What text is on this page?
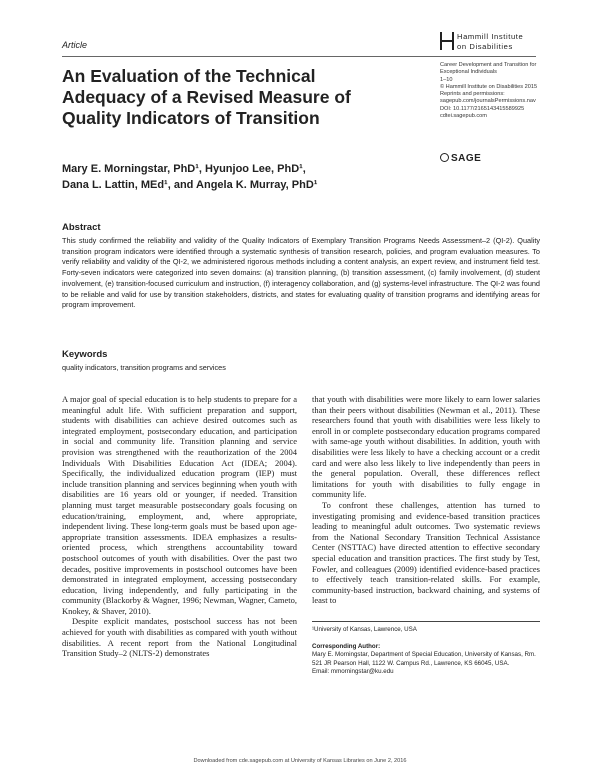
Article
Hammill Institute
on Disabilities
An Evaluation of the Technical Adequacy of a Revised Measure of Quality Indicators of Transition
Career Development and Transition for
Exceptional Individuals
1–10
© Hammill Institute on Disabilities 2015
Reprints and permissions:
sagepub.com/journalsPermissions.nav
DOI: 10.1177/2165143415589925
cdtei.sagepub.com
SAGE
Mary E. Morningstar, PhD¹, Hyunjoo Lee, PhD¹,
Dana L. Lattin, MEd¹, and Angela K. Murray, PhD¹
Abstract
This study confirmed the reliability and validity of the Quality Indicators of Exemplary Transition Programs Needs Assessment–2 (QI-2). Quality transition program indicators were identified through a systematic synthesis of transition research, policies, and program evaluation measures. To verify reliability and validity of the QI-2, we administered rigorous methods including a content analysis, an expert review, and instrument field test. Forty-seven indicators were categorized into seven domains: (a) transition planning, (b) transition assessment, (c) family involvement, (d) student involvement, (e) transition-focused curriculum and instruction, (f) interagency collaboration, and (g) systems-level infrastructure. The QI-2 was found to be reliable and valid for use by transition stakeholders, districts, and states for evaluating quality of transition programs and identifying areas for program improvement.
Keywords
quality indicators, transition programs and services

A major goal of special education is to help students to prepare for a meaningful adult life. With sufficient preparation and support, students with disabilities can achieve desired outcomes such as integrated employment, postsecondary education, and participation in social and community life. Transition planning and service provision was strengthened with the reauthorization of the 2004 Individuals With Disabilities Education Act (IDEA; 2004). Specifically, the individualized education program (IEP) must include transition planning and services beginning when youth with disabilities are 16 years old or younger, if needed. Transition planning must target measurable postsecondary goals focusing on education/training, employment, and, where appropriate, independent living. These long-term goals must be based upon age-appropriate transition assessments. IDEA emphasizes a results-oriented process, which strengthens accountability toward postschool outcomes of youth with disabilities. Over the past two decades, positive improvements in postschool outcomes have been demonstrated in integrated employment, accessing postsecondary education, living independently, and fully participating in the community (Blackorby & Wagner, 1996; Newman, Wagner, Cameto, Knokey, & Shaver, 2010).

Despite explicit mandates, postschool success has not been achieved for youth with disabilities as compared with youth without disabilities. A recent report from the National Longitudinal Transition Study–2 (NLTS-2) demonstrates

that youth with disabilities were more likely to earn lower salaries than their peers without disabilities (Newman et al., 2011). These researchers found that youth with disabilities were less likely to enroll in or complete postsecondary education programs compared with same-age youth without disabilities. In addition, youth with disabilities were less likely to have a checking account or a credit card and were also less likely to live independently than peers in the general population. Overall, these differences reflect limitations for youth with disabilities to fully engage in community life.

To confront these challenges, attention has turned to investigating promising and evidence-based transition practices leading to meaningful adult outcomes. Two systematic reviews from the National Secondary Transition Technical Assistance Center (NSTTAC) have directed attention to effective secondary special education and transition practices. The first study by Test, Fowler, and colleagues (2009) identified evidence-based practices to effectively teach transition-related skills. For example, community-based instruction, backward chaining, and systems of least to

¹University of Kansas, Lawrence, USA
Corresponding Author:
Mary E. Morningstar, Department of Special Education, University of Kansas, Rm. 521 JR Pearson Hall, 1122 W. Campus Rd., Lawrence, KS 66045, USA.
Email: mmorningstar@ku.edu
Downloaded from cde.sagepub.com at University of Kansas Libraries on June 2, 2016
